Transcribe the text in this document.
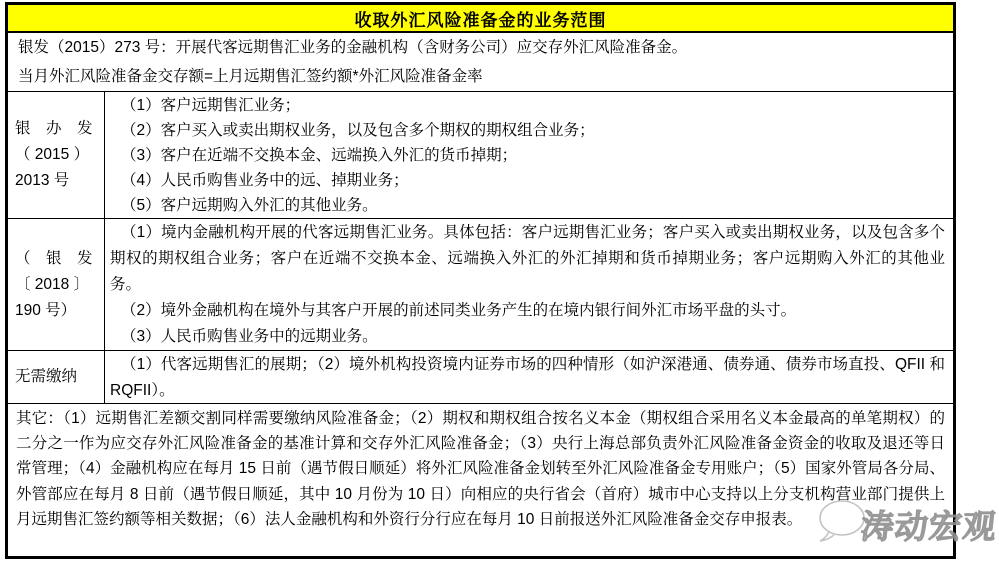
收取外汇风险准备金的业务范围
银发（2015）273 号：开展代客远期售汇业务的金融机构（含财务公司）应交存外汇风险准备金。
当月外汇风险准备金交存额=上月远期售汇签约额*外汇风险准备金率
银　办　发
（ 2015 ）
2013 号
（1）客户远期售汇业务；
（2）客户买入或卖出期权业务，以及包含多个期权的期权组合业务；
（3）客户在近端不交换本金、远端换入外汇的货币掉期；
（4）人民币购售业务中的远、掉期业务；
（5）客户远期购入外汇的其他业务。
（　银　发
〔 2018 〕
190 号）
（1）境内金融机构开展的代客远期售汇业务。具体包括：客户远期售汇业务；客户买入或卖出期权业务，以及包含多个期权的期权组合业务；客户在近端不交换本金、远端换入外汇的外汇掉期和货币掉期业务；客户远期购入外汇的其他业务。
（2）境外金融机构在境外与其客户开展的前述同类业务产生的在境内银行间外汇市场平盘的头寸。
（3）人民币购售业务中的远期业务。
无需缴纳
（1）代客远期售汇的展期；（2）境外机构投资境内证券市场的四种情形（如沪深港通、债券通、债券市场直投、QFII 和 RQFII）。
其它：（1）远期售汇差额交割同样需要缴纳风险准备金；（2）期权和期权组合按名义本金（期权组合采用名义本金最高的单笔期权）的二分之一作为应交存外汇风险准备金的基准计算和交存外汇风险准备金；（3）央行上海总部负责外汇风险准备金资金的收取及退还等日常管理；（4）金融机构应在每月 15 日前（遇节假日顺延）将外汇风险准备金划转至外汇风险准备金专用账户；（5）国家外管局各分局、外管部应在每月 8 日前（遇节假日顺延，其中 10 月份为 10 日）向相应的央行省会（首府）城市中心支持以上分支机构营业部门提供上月远期售汇签约额等相关数据；（6）法人金融机构和外资行分行应在每月 10 日前报送外汇风险准备金交存申报表。	涛动宏观
